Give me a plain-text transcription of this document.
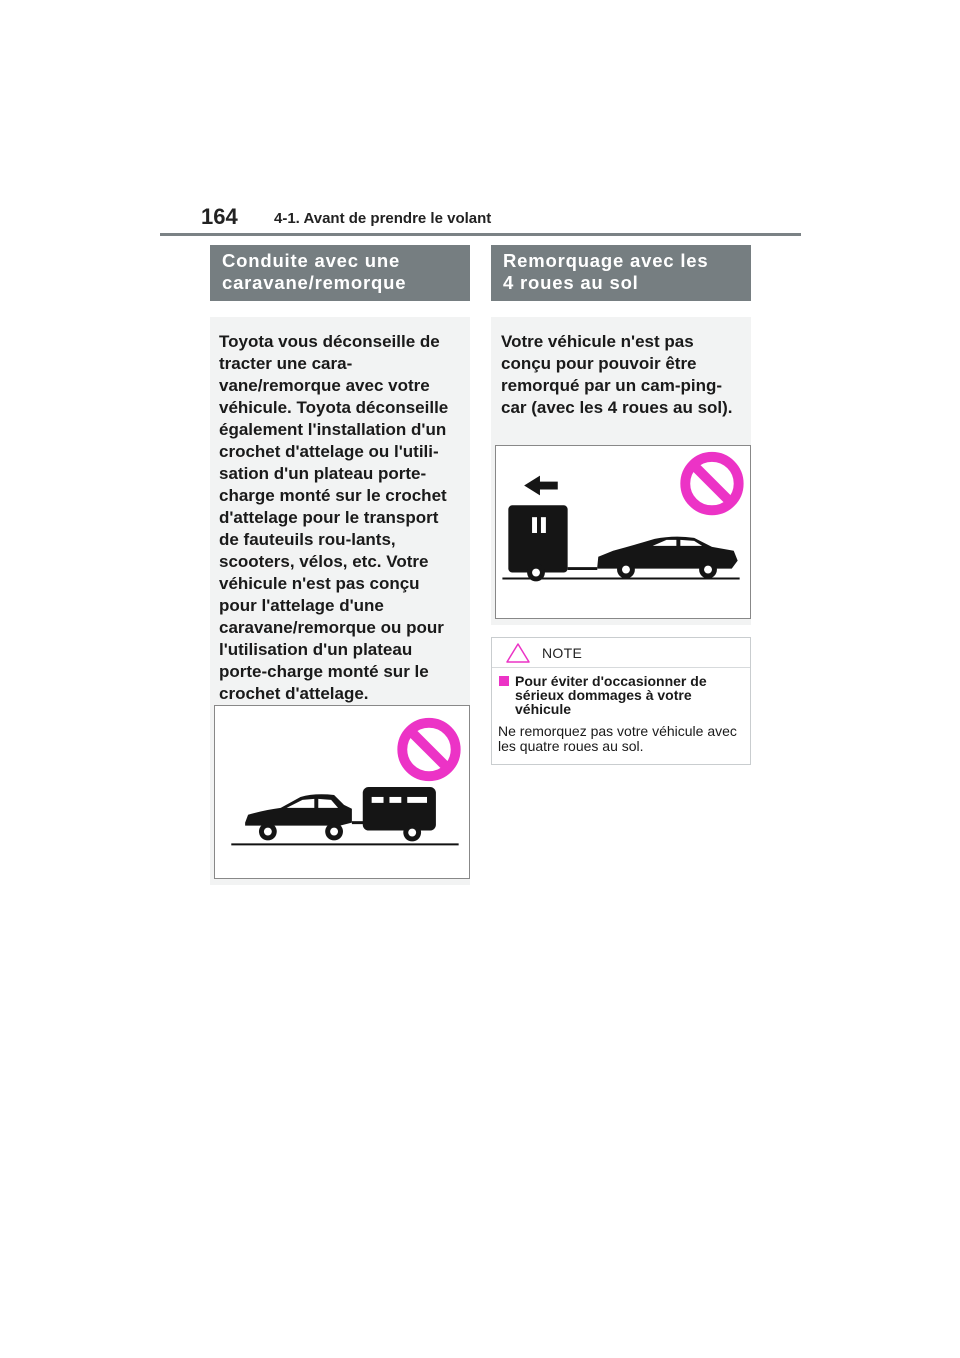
164 4-1. Avant de prendre le volant
Conduite avec une
caravane/remorque

Toyota vous déconseille de tracter une cara-vane/remorque avec votre véhicule. Toyota déconseille également l'installation d'un crochet d'attelage ou l'utili-sation d'un plateau porte-charge monté sur le crochet d'attelage pour le transport de fauteuils rou-lants, scooters, vélos, etc. Votre véhicule n'est pas conçu pour l'attelage d'une caravane/remorque ou pour l'utilisation d'un plateau porte-charge monté sur le crochet d'attelage.

Remorquage avec les
4 roues au sol

Votre véhicule n'est pas conçu pour pouvoir être remorqué par un cam-ping-car (avec les 4 roues au sol).

NOTE
Pour éviter d'occasionner de sérieux dommages à votre véhicule

Ne remorquez pas votre véhicule avec les quatre roues au sol.
